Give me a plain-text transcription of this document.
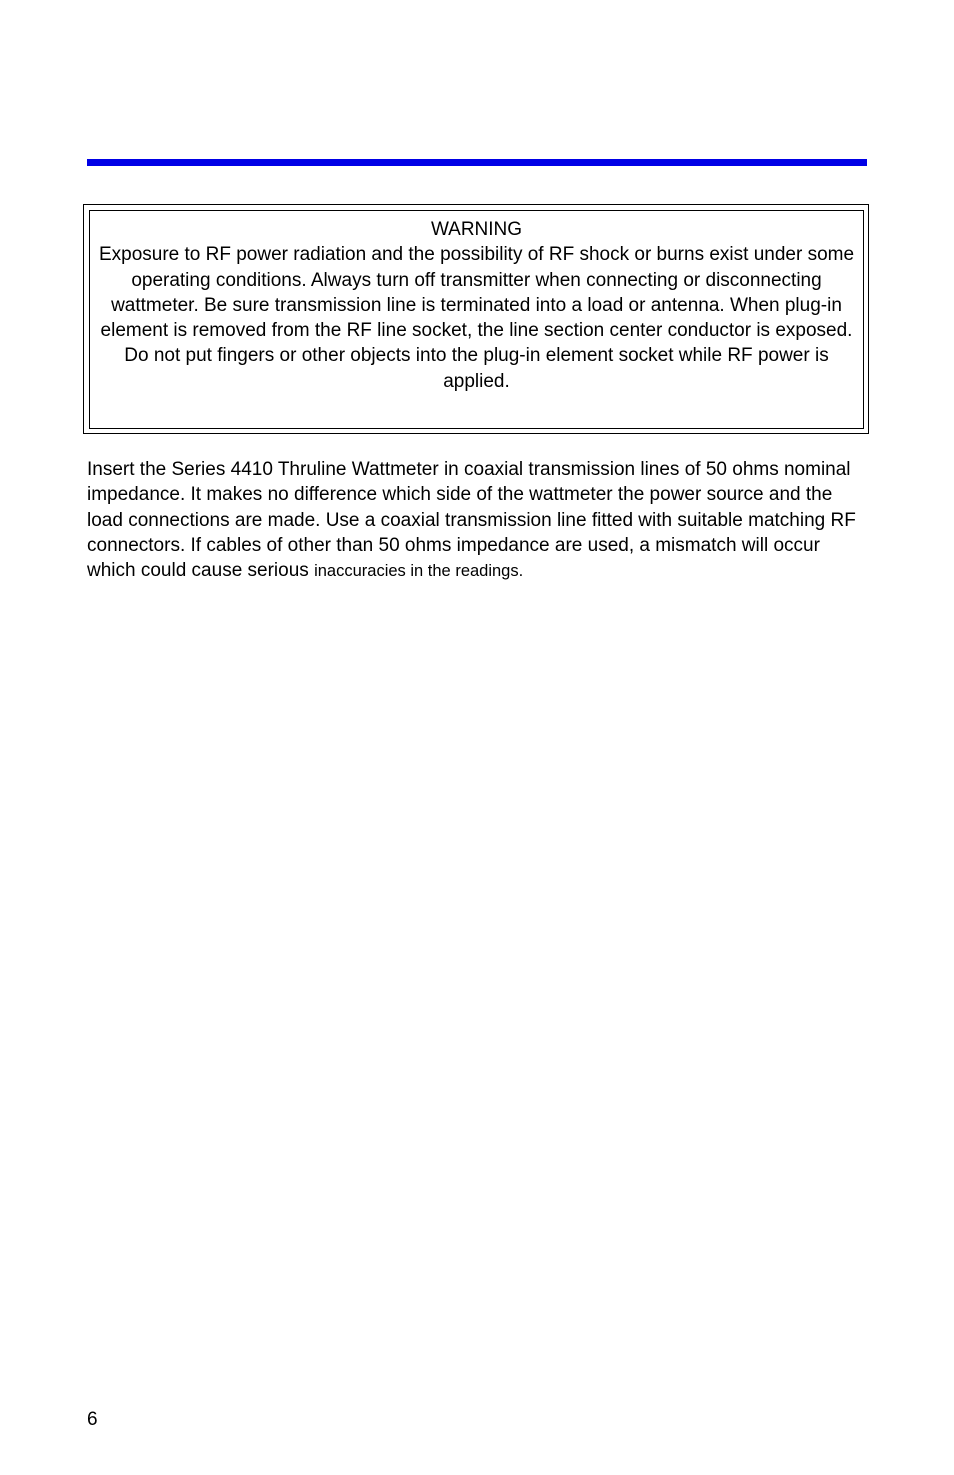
WARNING
Exposure to RF power radiation and the possibility of RF shock or burns exist under some operating conditions. Always turn off transmitter when connecting or disconnecting wattmeter. Be sure transmission line is terminated into a load or antenna. When plug-in element is removed from the RF line socket, the line section center conductor is exposed. Do not put fingers or other objects into the plug-in element socket while RF power is applied.

Insert the Series 4410 Thruline Wattmeter in coaxial transmission lines of 50 ohms nominal impedance. It makes no difference which side of the wattmeter the power source and the load connections are made. Use a coaxial transmission line fitted with suitable matching RF connectors. If cables of other than 50 ohms impedance are used, a mismatch will occur which could cause serious inaccuracies in the readings.

6
